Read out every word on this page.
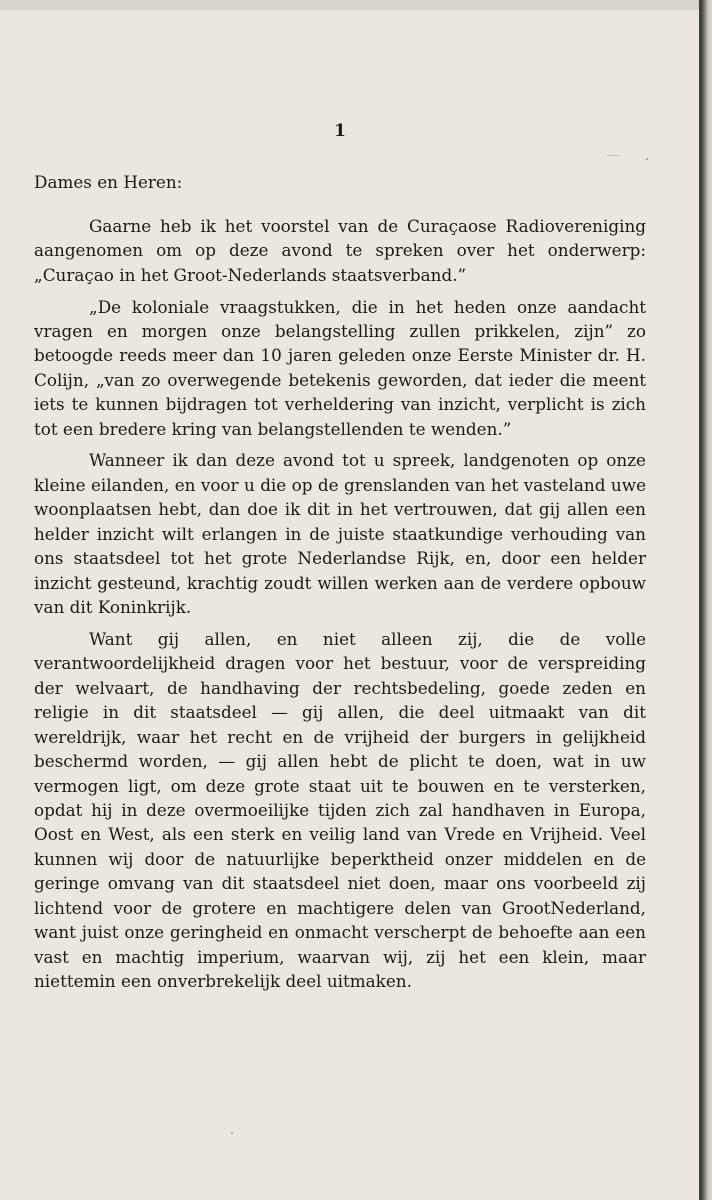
1

Dames en Heren:

Gaarne heb ik het voorstel van de Curaçaose Radiovereniging aangenomen om op deze avond te spreken over het onderwerp: „Curaçao in het Groot-Nederlands staatsverband.”

„De koloniale vraagstukken, die in het heden onze aandacht vragen en morgen onze belangstelling zullen prikkelen, zijn” zo betoogde reeds meer dan 10 jaren geleden onze Eerste Minister dr. H. Colijn, „van zo overwegende betekenis geworden, dat ieder die meent iets te kunnen bijdragen tot verheldering van inzicht, verplicht is zich tot een bredere kring van belangstellenden te wenden.”

Wanneer ik dan deze avond tot u spreek, landgenoten op onze kleine eilanden, en voor u die op de grenslanden van het vasteland uwe woonplaatsen hebt, dan doe ik dit in het vertrouwen, dat gij allen een helder inzicht wilt erlangen in de juiste staatkundige verhouding van ons staatsdeel tot het grote Nederlandse Rijk, en, door een helder inzicht gesteund, krachtig zoudt willen werken aan de verdere opbouw van dit Koninkrijk.

Want gij allen, en niet alleen zij, die de volle verantwoordelijkheid dragen voor het bestuur, voor de verspreiding der welvaart, de handhaving der rechtsbedeling, goede zeden en religie in dit staatsdeel — gij allen, die deel uitmaakt van dit wereldrijk, waar het recht en de vrijheid der burgers in gelijkheid beschermd worden, — gij allen hebt de plicht te doen, wat in uw vermogen ligt, om deze grote staat uit te bouwen en te versterken, opdat hij in deze overmoeilijke tijden zich zal handhaven in Europa, Oost en West, als een sterk en veilig land van Vrede en Vrijheid. Veel kunnen wij door de natuurlijke beperktheid onzer middelen en de geringe omvang van dit staatsdeel niet doen, maar ons voorbeeld zij lichtend voor de grotere en machtigere delen van GrootNederland, want juist onze geringheid en onmacht verscherpt de behoefte aan een vast en machtig imperium, waarvan wij, zij het een klein, maar niettemin een onverbrekelijk deel uitmaken.
